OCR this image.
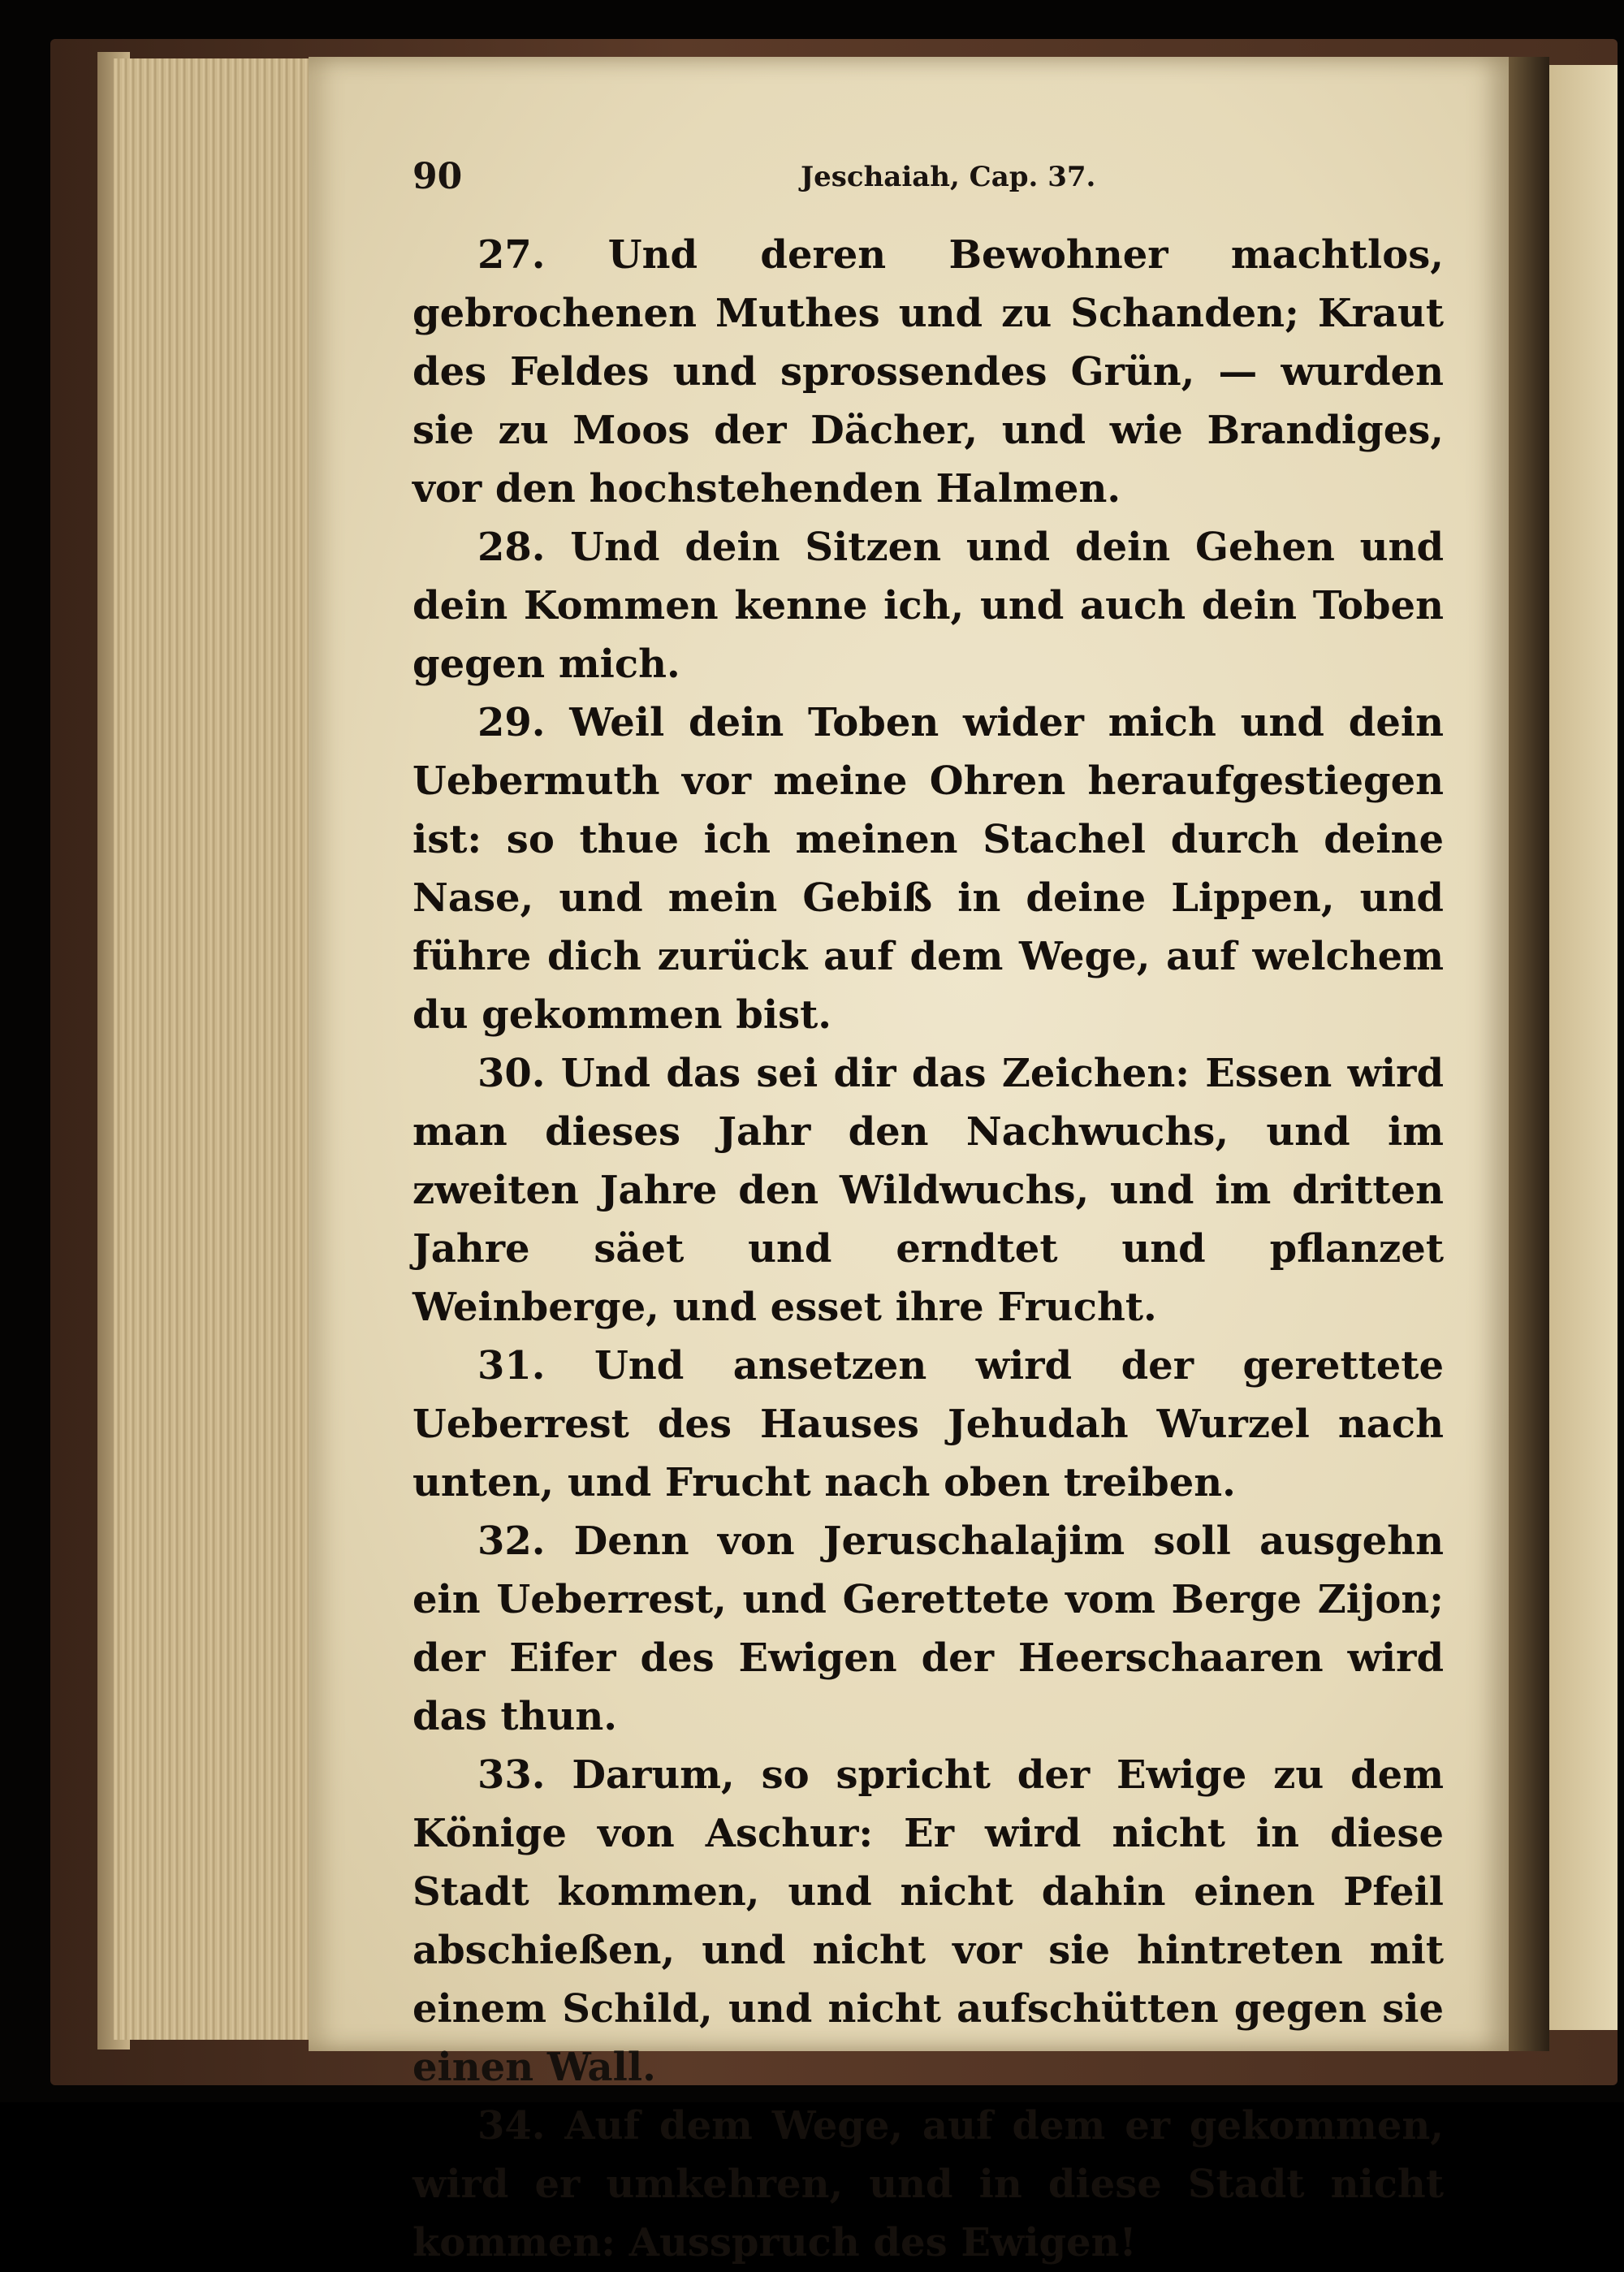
90	Jeschaiah, Cap. 37.

27. Und deren Bewohner machtlos, gebrochenen Muthes und zu Schanden; Kraut des Feldes und sprossendes Grün, — wurden sie zu Moos der Dächer, und wie Brandiges, vor den hochstehenden Halmen.

28. Und dein Sitzen und dein Gehen und dein Kommen kenne ich, und auch dein Toben gegen mich.

29. Weil dein Toben wider mich und dein Uebermuth vor meine Ohren heraufgestiegen ist: so thue ich meinen Stachel durch deine Nase, und mein Gebiß in deine Lippen, und führe dich zurück auf dem Wege, auf welchem du gekommen bist.

30. Und das sei dir das Zeichen: Essen wird man dieses Jahr den Nachwuchs, und im zweiten Jahre den Wildwuchs, und im dritten Jahre säet und erndtet und pflanzet Weinberge, und esset ihre Frucht.

31. Und ansetzen wird der gerettete Ueberrest des Hauses Jehudah Wurzel nach unten, und Frucht nach oben treiben.

32. Denn von Jeruschalajim soll ausgehn ein Ueberrest, und Gerettete vom Berge Zijon; der Eifer des Ewigen der Heerschaaren wird das thun.

33. Darum, so spricht der Ewige zu dem Könige von Aschur: Er wird nicht in diese Stadt kommen, und nicht dahin einen Pfeil abschießen, und nicht vor sie hintreten mit einem Schild, und nicht aufschütten gegen sie einen Wall.

34. Auf dem Wege, auf dem er gekommen, wird er umkehren, und in diese Stadt nicht kommen: Ausspruch des Ewigen!
